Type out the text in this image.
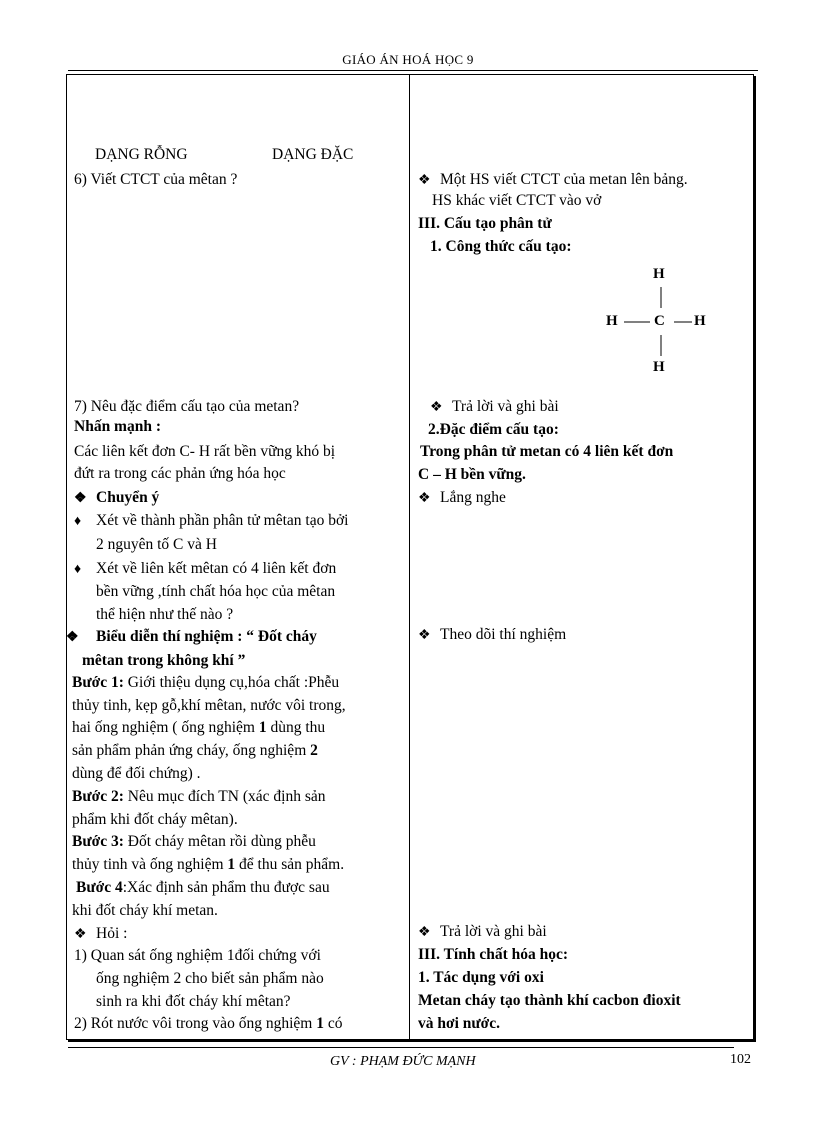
GIÁO ÁN HOÁ HỌC 9
DẠNG RỖNG	DẠNG ĐẶC
6) Viết CTCT của mêtan ?
7) Nêu đặc điểm cấu tạo của metan?
Nhấn mạnh :
Các liên kết đơn C- H rất bền vững khó bị
đứt ra trong các phản ứng hóa học
❖ Chuyển ý
♦ Xét về thành phần phân tử mêtan tạo bởi
2 nguyên tố C và H
♦ Xét về liên kết mêtan có 4 liên kết đơn
bền vững ,tính chất hóa học của mêtan
thể hiện như thế nào ?
❖ Biểu diễn thí nghiệm : “ Đốt cháy
mêtan trong không khí ”
Bước 1: Giới thiệu dụng cụ,hóa chất :Phễu
thủy tinh, kẹp gỗ,khí mêtan, nước vôi trong,
hai ống nghiệm ( ống nghiệm 1 dùng thu
sản phẩm phản ứng cháy, ống nghiệm 2
dùng để đối chứng) .
Bước 2: Nêu mục đích TN (xác định sản
phẩm khi đốt cháy mêtan).
Bước 3: Đốt cháy mêtan rồi dùng phễu
thủy tinh và ống nghiệm 1 để thu sản phẩm.
Bước 4:Xác định sản phẩm thu được sau
khi đốt cháy khí metan.
❖ Hỏi :
1) Quan sát ống nghiệm 1đối chứng với
ống nghiệm 2 cho biết sản phẩm nào
sinh ra khi đốt cháy khí mêtan?
2) Rót nước vôi trong vào ống nghiệm 1 có
❖ Một HS viết CTCT của metan lên bảng.
HS khác viết CTCT vào vở
III. Cấu tạo phân tử
1. Công thức cấu tạo:
H
H C H
H
❖ Trả lời và ghi bài
2.Đặc điểm cấu tạo:
Trong phân tử metan có 4 liên kết đơn
C – H bền vững.
❖ Lắng nghe
❖ Theo dõi thí nghiệm
❖ Trả lời và ghi bài
III. Tính chất hóa học:
1. Tác dụng với oxi
Metan cháy tạo thành khí cacbon đioxit
và hơi nước.
GV : PHẠM ĐỨC MẠNH	102
